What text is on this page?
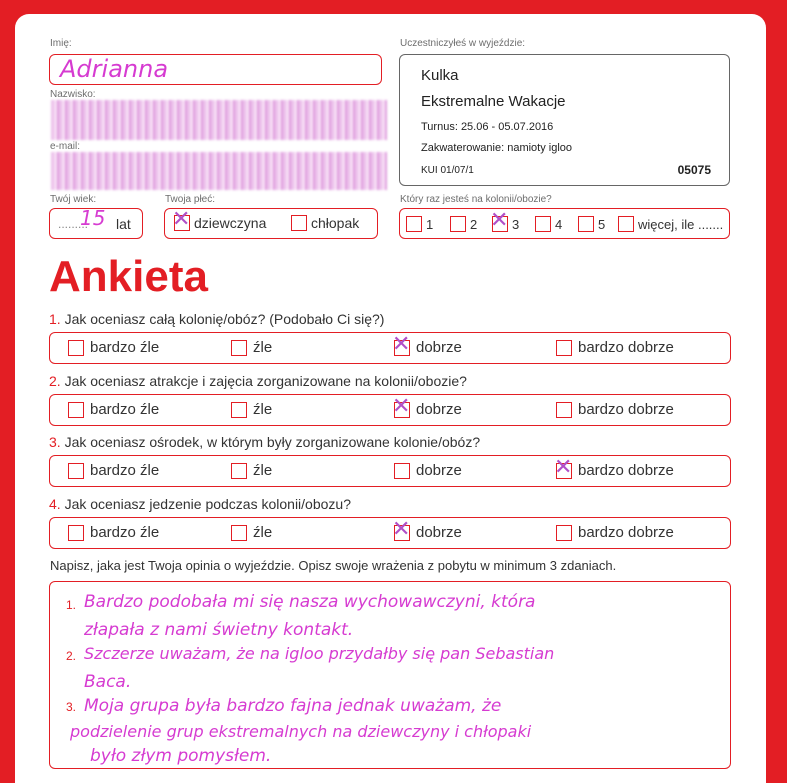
Imię:
Adrianna
Nazwisko:
e-mail:
Uczestniczyłeś w wyjeździe:
Kulka
Ekstremalne Wakacje
Turnus: 25.06 - 05.07.2016
Zakwaterowanie: namioty igloo
KUI 01/07/1	05075
Twój wiek:
.........
15 lat
Twoja płeć:
✕
dziewczyna	chłopak
Który raz jesteś na kolonii/obozie?
1	2 ✕	3	4	5	więcej, ile .......
Ankieta
1. Jak oceniasz całą kolonię/obóz? (Podobało Ci się?)
bardzo źle	źle ✕	dobrze	bardzo dobrze
2. Jak oceniasz atrakcje i zajęcia zorganizowane na kolonii/obozie?
bardzo źle	źle ✕	dobrze	bardzo dobrze
3. Jak oceniasz ośrodek, w którym były zorganizowane kolonie/obóz?
bardzo źle	źle	dobrze ✕	bardzo dobrze
4. Jak oceniasz jedzenie podczas kolonii/obozu?
bardzo źle	źle ✕	dobrze	bardzo dobrze
Napisz, jaka jest Twoja opinia o wyjeździe. Opisz swoje wrażenia z pobytu w minimum 3 zdaniach.
1. Bardzo podobała mi się nasza wychowawczyni, która
złapała z nami świetny kontakt.
2. Szczerze uważam, że na igloo przydałby się pan Sebastian
Baca.
3. Moja grupa była bardzo fajna jednak uważam, że
podzielenie grup ekstremalnych na dziewczyny i chłopaki
było złym pomysłem.
